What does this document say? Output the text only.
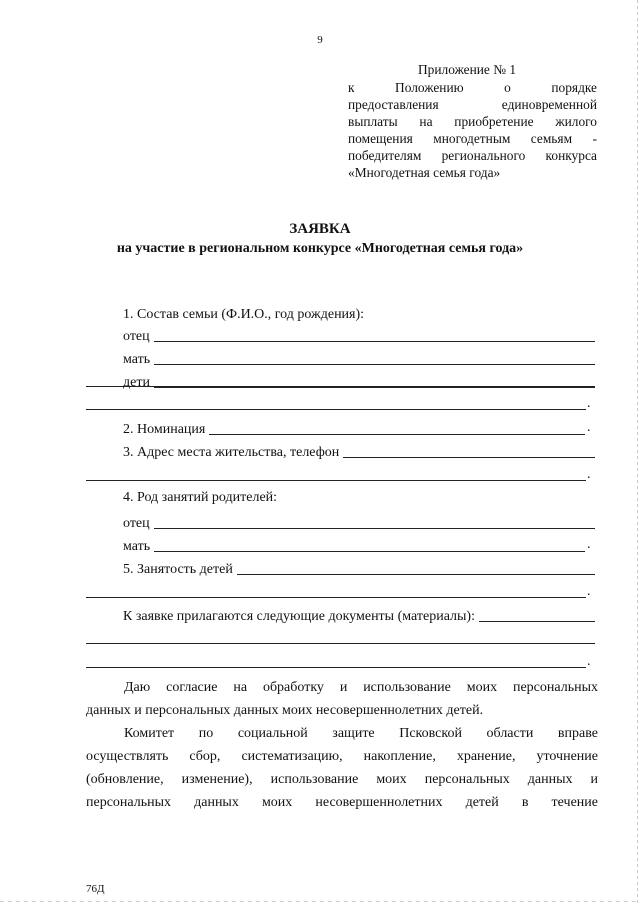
9
Приложение № 1
к Положению о порядке
предоставления единовременной
выплаты на приобретение жилого
помещения многодетным семьям -
победителям регионального конкурса
«Многодетная семья года»
ЗАЯВКА
на участие в региональном конкурсе «Многодетная семья года»
1. Состав семьи (Ф.И.О., год рождения):
отец
мать
дети
.
2. Номинация	.
3. Адрес места жительства, телефон
.
4. Род занятий родителей:
отец
мать	.
5. Занятость детей
.
К заявке прилагаются следующие документы (материалы):
.
Даю согласие на обработку и использование моих персональных
данных и персональных данных моих несовершеннолетних детей.
Комитет по социальной защите Псковской области вправе
осуществлять сбор, систематизацию, накопление, хранение, уточнение
(обновление, изменение), использование моих персональных данных и
персональных данных моих несовершеннолетних детей в течение
76Д
